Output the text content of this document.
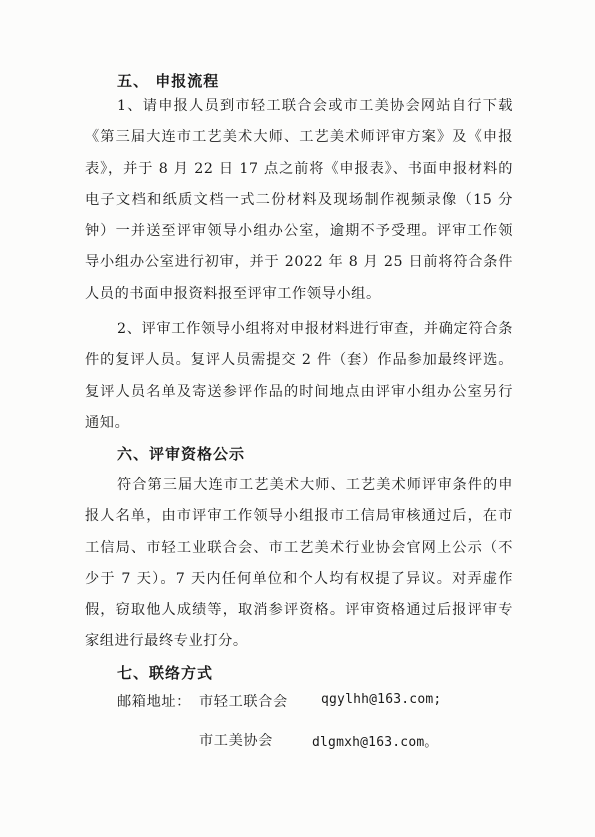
五、 申报流程

1、请申报人员到市轻工联合会或市工美协会网站自行下载《第三届大连市工艺美术大师、工艺美术师评审方案》及《申报表》，并于 8 月 22 日 17 点之前将《申报表》、书面申报材料的电子文档和纸质文档一式二份材料及现场制作视频录像（15 分钟）一并送至评审领导小组办公室，逾期不予受理。评审工作领导小组办公室进行初审，并于 2022 年 8 月 25 日前将符合条件人员的书面申报资料报至评审工作领导小组。

2、评审工作领导小组将对申报材料进行审查，并确定符合条件的复评人员。复评人员需提交 2 件（套）作品参加最终评选。复评人员名单及寄送参评作品的时间地点由评审小组办公室另行通知。

六、评审资格公示

符合第三届大连市工艺美术大师、工艺美术师评审条件的申报人名单，由市评审工作领导小组报市工信局审核通过后，在市工信局、市轻工业联合会、市工艺美术行业协会官网上公示（不少于 7 天）。7 天内任何单位和个人均有权提了异议。对弄虚作假，窃取他人成绩等，取消参评资格。评审资格通过后报评审专家组进行最终专业打分。

七、联络方式
邮箱地址： 市轻工联合会	qgylhh@163.com;
市工美协会	dlgmxh@163.com。
